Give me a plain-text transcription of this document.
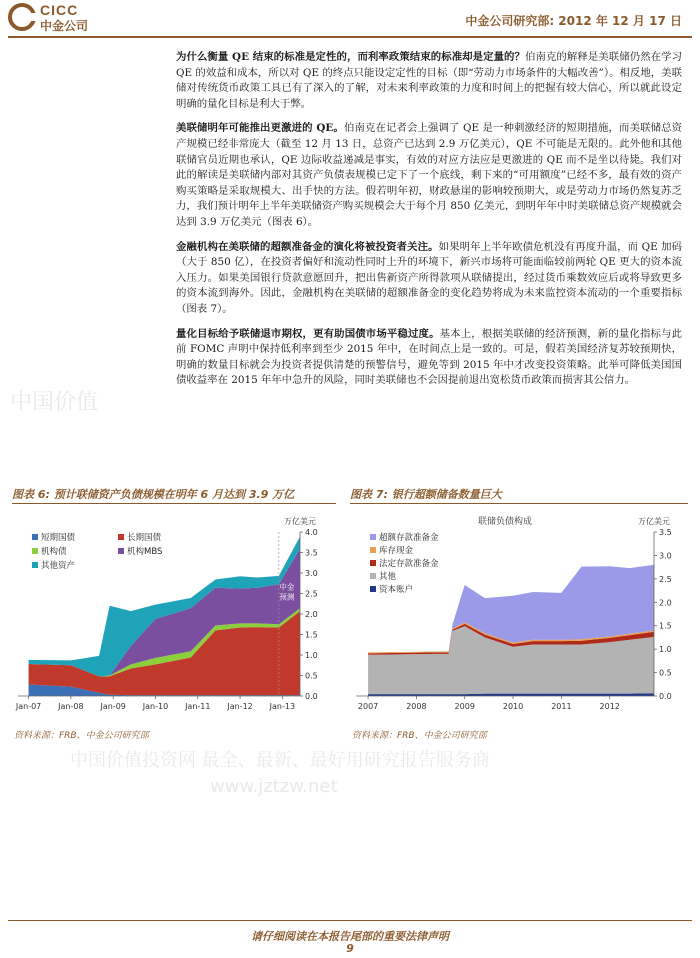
CICC
中金公司	中金公司研究部: 2012 年 12 月 17 日
中国价值
中国价值投资网 最全、最新、最好用研究报告服务商
www.jztzw.net

为什么衡量 QE 结束的标准是定性的，而利率政策结束的标准却是定量的？伯南克的解释是美联储仍然在学习 QE 的效益和成本，所以对 QE 的终点只能设定定性的目标（即“劳动力市场条件的大幅改善”）。相反地，美联储对传统货币政策工具已有了深入的了解，对未来利率政策的力度和时间上的把握有较大信心，所以就此设定明确的量化目标是利大于弊。

美联储明年可能推出更激进的 QE。伯南克在记者会上强调了 QE 是一种刺激经济的短期措施，而美联储总资产规模已经非常庞大（截至 12 月 13 日，总资产已达到 2.9 万亿美元），QE 不可能是无限的。此外他和其他联储官员近期也承认，QE 边际收益递减是事实，有效的对应方法应是更激进的 QE 而不是坐以待毙。我们对此的解读是美联储内部对其资产负债表规模已定下了一个底线，剩下来的“可用额度”已经不多，最有效的资产购买策略是采取规模大、出手快的方法。假若明年初，财政悬崖的影响较预期大，或是劳动力市场仍然复苏乏力，我们预计明年上半年美联储资产购买规模会大于每个月 850 亿美元，到明年年中时美联储总资产规模就会达到 3.9 万亿美元（图表 6）。

金融机构在美联储的超额准备金的演化将被投资者关注。如果明年上半年欧债危机没有再度升温，而 QE 加码（大于 850 亿），在投资者偏好和流动性同时上升的环境下，新兴市场将可能面临较前两轮 QE 更大的资本流入压力。如果美国银行贷款意愿回升，把出售新资产所得款项从联储提出，经过货币乘数效应后或将导致更多的资本流到海外。因此，金融机构在美联储的超额准备金的变化趋势将成为未来监控资本流动的一个重要指标（图表 7）。

量化目标给予联储退市期权，更有助国债市场平稳过度。基本上，根据美联储的经济预测，新的量化指标与此前 FOMC 声明中保持低利率到至少 2015 年中，在时间点上是一致的。可是，假若美国经济复苏较预期快，明确的数量目标就会为投资者提供清楚的预警信号，避免等到 2015 年中才改变投资策略。此举可降低美国国债收益率在 2015 年年中急升的风险，同时美联储也不会因提前退出宽松货币政策而损害其公信力。

图表 6: 预计联储资产负债规模在明年 6 月达到 3.9 万亿
0.0
0.5
1.0
1.5
2.0
2.5
3.0
3.5
4.0
万亿美元
Jan-07 Jan-08 Jan-09 Jan-10 Jan-11 Jan-12 Jan-13
短期国债	长期国债
机构债	机构MBS
其他资产
中金
预测
资料来源：FRB、中金公司研究部
图表 7: 银行超额储备数量巨大
0.0
0.5
1.0
1.5
2.0
2.5
3.0
3.5
万亿美元
2007	2008	2009	2010	2011	2012
联储负债构成
超额存款准备金
库存现金
法定存款准备金
其他
资本账户
资料来源：FRB、中金公司研究部
请仔细阅读在本报告尾部的重要法律声明
9
